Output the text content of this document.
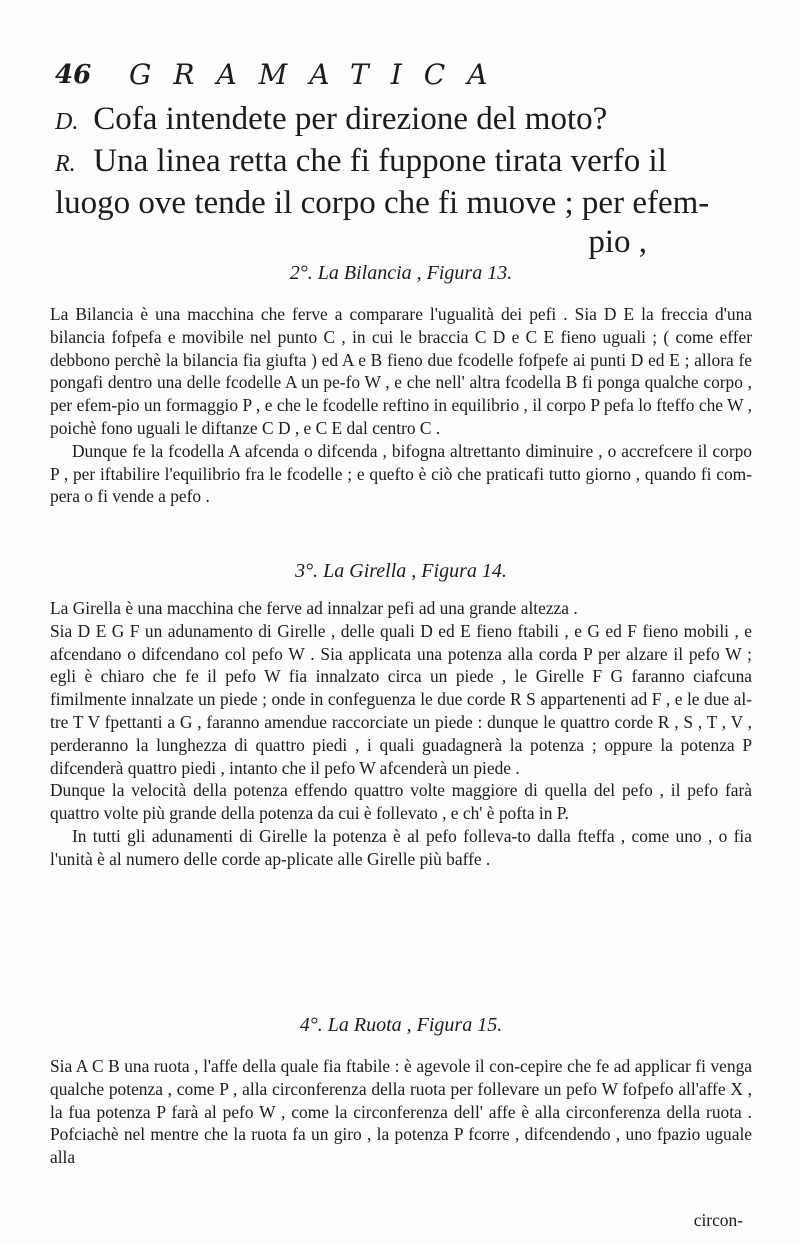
46 GRAMATICA

D. Cofa intendete per direzione del moto?

R. Una linea retta che fi fuppone tirata verfo il

luogo ove tende il corpo che fi muove ; per efem-

pio ,

2°. La Bilancia , Figura 13.

La Bilancia è una macchina che ferve a comparare l'ugualità dei pefi . Sia D E la freccia d'una bilancia fofpefa e movibile nel punto C , in cui le braccia C D e C E fieno uguali ; ( come effer debbono perchè la bilancia fia giufta ) ed A e B fieno due fcodelle fofpefe ai punti D ed E ; allora fe pongafi dentro una delle fcodelle A un pe-fo W , e che nell' altra fcodella B fi ponga qualche corpo , per efem-pio un formaggio P , e che le fcodelle reftino in equilibrio , il corpo P pefa lo fteffo che W , poichè fono uguali le diftanze C D , e C E dal centro C .

Dunque fe la fcodella A afcenda o difcenda , bifogna altrettanto diminuire , o accrefcere il corpo P , per iftabilire l'equilibrio fra le fcodelle ; e quefto è ciò che praticafi tutto giorno , quando fi com-pera o fi vende a pefo .

3°. La Girella , Figura 14.

La Girella è una macchina che ferve ad innalzar pefi ad una grande altezza .

Sia D E G F un adunamento di Girelle , delle quali D ed E fieno ftabili , e G ed F fieno mobili , e afcendano o difcendano col pefo W . Sia applicata una potenza alla corda P per alzare il pefo W ; egli è chiaro che fe il pefo W fia innalzato circa un piede , le Girelle F G faranno ciafcuna fimilmente innalzate un piede ; onde in confeguenza le due corde R S appartenenti ad F , e le due al-tre T V fpettanti a G , faranno amendue raccorciate un piede : dunque le quattro corde R , S , T , V , perderanno la lunghezza di quattro piedi , i quali guadagnerà la potenza ; oppure la potenza P difcenderà quattro piedi , intanto che il pefo W afcenderà un piede .

Dunque la velocità della potenza effendo quattro volte maggiore di quella del pefo , il pefo farà quattro volte più grande della potenza da cui è follevato , e ch' è pofta in P.

In tutti gli adunamenti di Girelle la potenza è al pefo folleva-to dalla fteffa , come uno , o fia l'unità è al numero delle corde ap-plicate alle Girelle più baffe .

4°. La Ruota , Figura 15.

Sia A C B una ruota , l'affe della quale fia ftabile : è agevole il con-cepire che fe ad applicar fi venga qualche potenza , come P , alla circonferenza della ruota per follevare un pefo W fofpefo all'affe X , la fua potenza P farà al pefo W , come la circonferenza dell' affe è alla circonferenza della ruota . Pofciachè nel mentre che la ruota fa un giro , la potenza P fcorre , difcendendo , uno fpazio uguale alla

circon-
